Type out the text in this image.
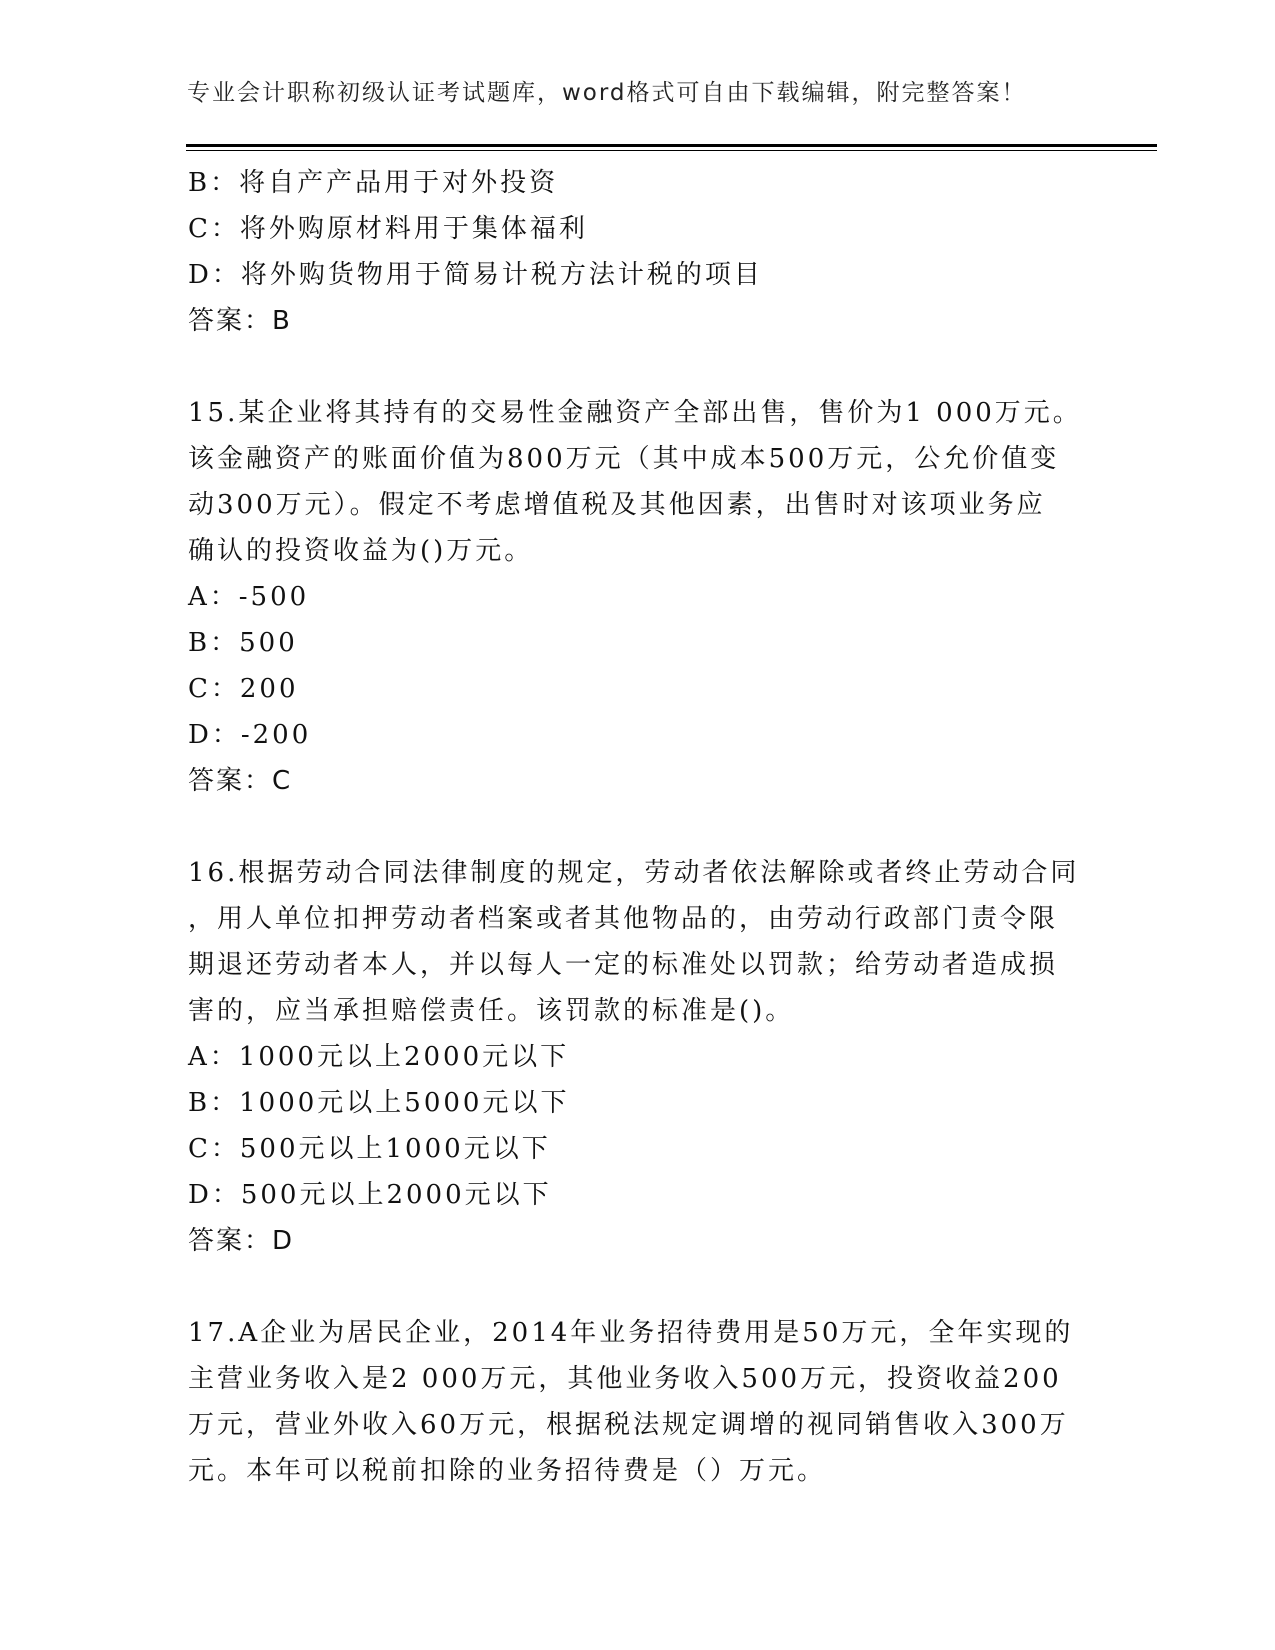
专业会计职称初级认证考试题库，word格式可自由下载编辑，附完整答案！
B：将自产产品用于对外投资
C：将外购原材料用于集体福利
D：将外购货物用于简易计税方法计税的项目
答案：B
15.某企业将其持有的交易性金融资产全部出售，售价为1 000万元。
该金融资产的账面价值为800万元（其中成本500万元，公允价值变
动300万元）。假定不考虑增值税及其他因素，出售时对该项业务应
确认的投资收益为()万元。
A：-500
B：500
C：200
D：-200
答案：C
16.根据劳动合同法律制度的规定，劳动者依法解除或者终止劳动合同
，用人单位扣押劳动者档案或者其他物品的，由劳动行政部门责令限
期退还劳动者本人，并以每人一定的标准处以罚款；给劳动者造成损
害的，应当承担赔偿责任。该罚款的标准是()。
A：1000元以上2000元以下
B：1000元以上5000元以下
C：500元以上1000元以下
D：500元以上2000元以下
答案：D
17.A企业为居民企业，2014年业务招待费用是50万元，全年实现的
主营业务收入是2 000万元，其他业务收入500万元，投资收益200
万元，营业外收入60万元，根据税法规定调增的视同销售收入300万
元。本年可以税前扣除的业务招待费是（）万元。
